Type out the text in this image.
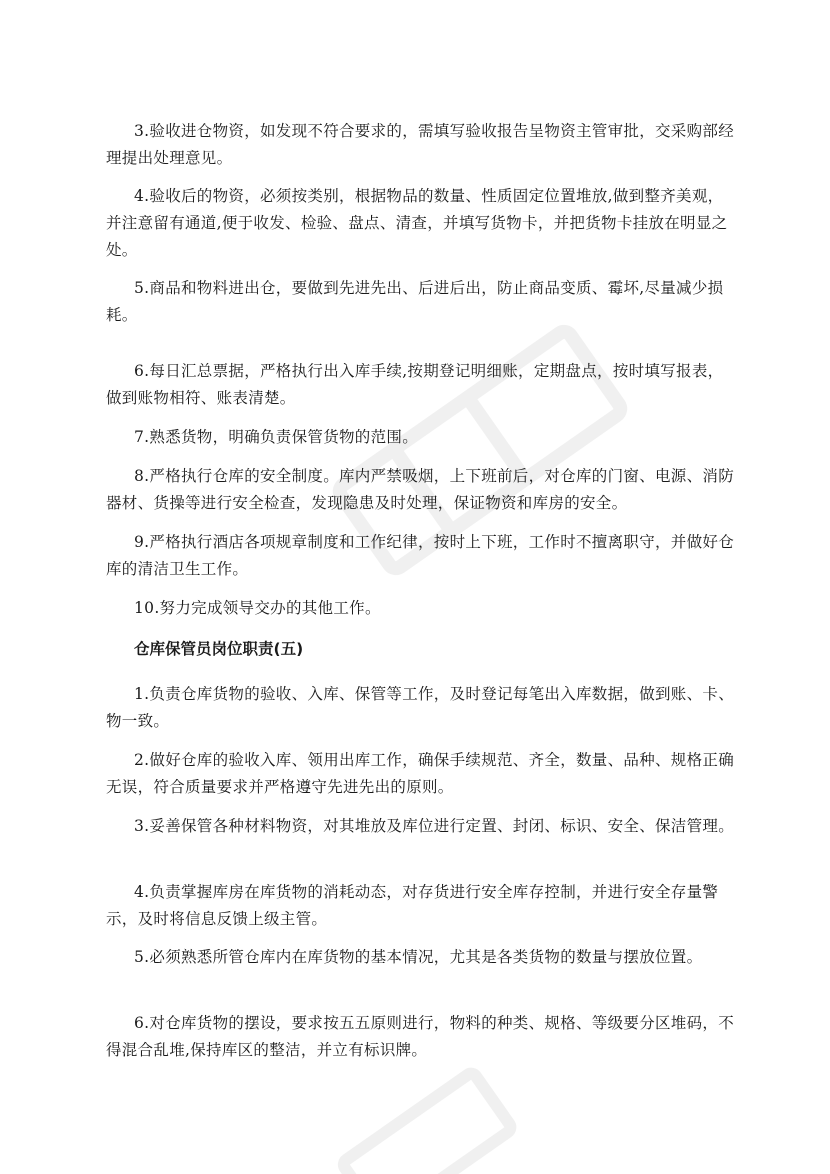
3.验收进仓物资，如发现不符合要求的，需填写验收报告呈物资主管审批，交采购部经理提出处理意见。

4.验收后的物资，必须按类别，根据物品的数量、性质固定位置堆放,做到整齐美观，并注意留有通道,便于收发、检验、盘点、清查，并填写货物卡，并把货物卡挂放在明显之处。

5.商品和物料进出仓，要做到先进先出、后进后出，防止商品变质、霉坏,尽量减少损耗。

6.每日汇总票据，严格执行出入库手续,按期登记明细账，定期盘点，按时填写报表，做到账物相符、账表清楚。

7.熟悉货物，明确负责保管货物的范围。

8.严格执行仓库的安全制度。库内严禁吸烟，上下班前后，对仓库的门窗、电源、消防器材、货操等进行安全检查，发现隐患及时处理，保证物资和库房的安全。

9.严格执行酒店各项规章制度和工作纪律，按时上下班，工作时不擅离职守，并做好仓库的清洁卫生工作。

10.努力完成领导交办的其他工作。

仓库保管员岗位职责(五)

1.负责仓库货物的验收、入库、保管等工作，及时登记每笔出入库数据，做到账、卡、物一致。

2.做好仓库的验收入库、领用出库工作，确保手续规范、齐全，数量、品种、规格正确无误，符合质量要求并严格遵守先进先出的原则。

3.妥善保管各种材料物资，对其堆放及库位进行定置、封闭、标识、安全、保洁管理。

4.负责掌握库房在库货物的消耗动态，对存货进行安全库存控制，并进行安全存量警示，及时将信息反馈上级主管。

5.必须熟悉所管仓库内在库货物的基本情况，尤其是各类货物的数量与摆放位置。

6.对仓库货物的摆设，要求按五五原则进行，物料的种类、规格、等级要分区堆码，不得混合乱堆,保持库区的整洁，并立有标识牌。
